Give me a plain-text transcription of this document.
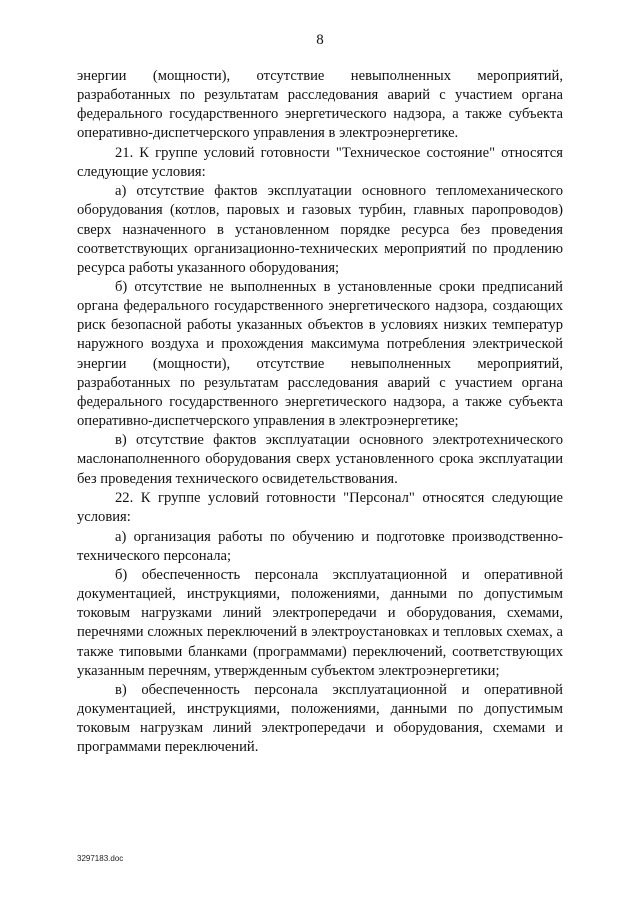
8

энергии (мощности), отсутствие невыполненных мероприятий, разработанных по результатам расследования аварий с участием органа федерального государственного энергетического надзора, а также субъекта оперативно-диспетчерского управления в электроэнергетике.

21. К группе условий готовности "Техническое состояние" относятся следующие условия:

а) отсутствие фактов эксплуатации основного тепломеханического оборудования (котлов, паровых и газовых турбин, главных паропроводов) сверх назначенного в установленном порядке ресурса без проведения соответствующих организационно-технических мероприятий по продлению ресурса работы указанного оборудования;

б) отсутствие не выполненных в установленные сроки предписаний органа федерального государственного энергетического надзора, создающих риск безопасной работы указанных объектов в условиях низких температур наружного воздуха и прохождения максимума потребления электрической энергии (мощности), отсутствие невыполненных мероприятий, разработанных по результатам расследования аварий с участием органа федерального государственного энергетического надзора, а также субъекта оперативно-диспетчерского управления в электроэнергетике;

в) отсутствие фактов эксплуатации основного электротехнического маслонаполненного оборудования сверх установленного срока эксплуатации без проведения технического освидетельствования.

22. К группе условий готовности "Персонал" относятся следующие условия:

а) организация работы по обучению и подготовке производственно-технического персонала;

б) обеспеченность персонала эксплуатационной и оперативной документацией, инструкциями, положениями, данными по допустимым токовым нагрузками линий электропередачи и оборудования, схемами, перечнями сложных переключений в электроустановках и тепловых схемах, а также типовыми бланками (программами) переключений, соответствующих указанным перечням, утвержденным субъектом электроэнергетики;

в) обеспеченность персонала эксплуатационной и оперативной документацией, инструкциями, положениями, данными по допустимым токовым нагрузкам линий электропередачи и оборудования, схемами и программами переключений.

3297183.doc
